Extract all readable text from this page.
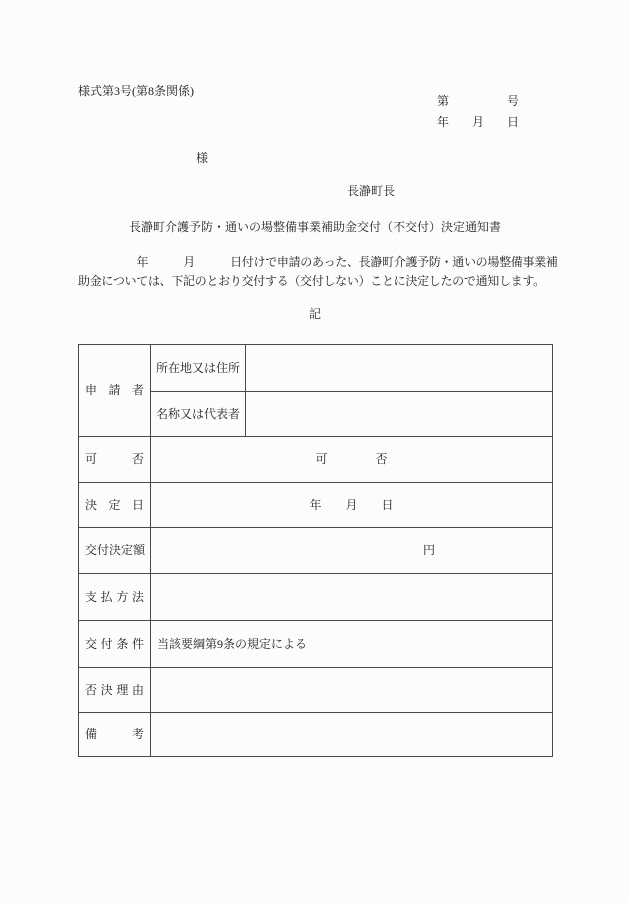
様式第3号(第8条関係)
第	号
年 月 日
様
長瀞町長
長瀞町介護予防・通いの場整備事業補助金交付（不交付）決定通知書
　　　　　年　　　月　　　日付けで申請のあった、長瀞町介護予防・通いの場整備事業補
助金については、下記のとおり交付する（交付しない）ことに決定したので通知します。
記
申 請 者	所在地又は住所	
	名称又は代表者	

可 否	可　　　　否	

決 定 日	年　　月　　日	

交 付 決 定 額	円	

支 払 方 法		

交 付 条 件	当該要綱第9条の規定による	

否 決 理 由		

備 考		
